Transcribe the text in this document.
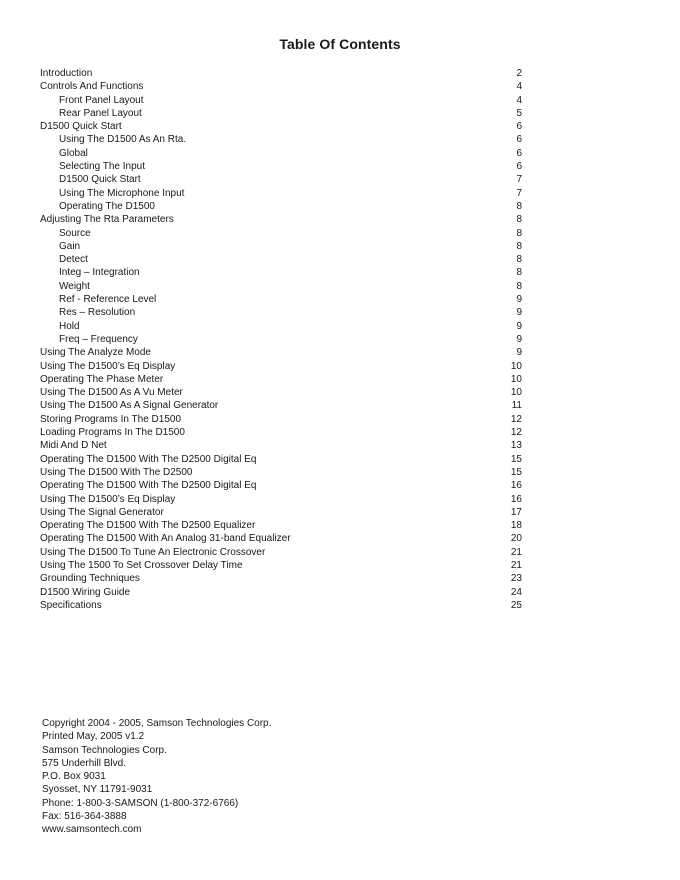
Table Of Contents
Introduction	2
Controls And Functions	4
Front Panel Layout	4
Rear Panel Layout	5
D1500 Quick Start	6
Using The D1500 As An Rta.	6
Global	6
Selecting The Input	6
D1500 Quick Start	7
Using The Microphone Input	7
Operating The D1500	8
Adjusting The Rta Parameters	8
Source	8
Gain	8
Detect	8
Integ – Integration	8
Weight	8
Ref - Reference Level	9
Res – Resolution	9
Hold	9
Freq – Frequency	9
Using The Analyze Mode	9
Using The D1500’s Eq Display	10
Operating The Phase Meter	10
Using The D1500 As A Vu Meter	10
Using The D1500 As A Signal Generator	11
Storing Programs In The D1500	12
Loading Programs In The D1500	12
Midi And D Net	13
Operating The D1500 With The D2500 Digital Eq	15
Using The D1500 With The D2500	15
Operating The D1500 With The D2500 Digital Eq	16
Using The D1500’s Eq Display	16
Using The Signal Generator	17
Operating The D1500 With The D2500 Equalizer	18
Operating The D1500 With An Analog 31-band Equalizer	20
Using The D1500 To Tune An Electronic Crossover	21
Using The 1500 To Set Crossover Delay Time	21
Grounding Techniques	23
D1500 Wiring Guide	24
Specifications	25
Copyright 2004 - 2005, Samson Technologies Corp.
Printed May, 2005 v1.2
Samson Technologies Corp.
575 Underhill Blvd.
P.O. Box 9031
Syosset, NY 11791-9031
Phone: 1-800-3-SAMSON (1-800-372-6766)
Fax: 516-364-3888
www.samsontech.com
